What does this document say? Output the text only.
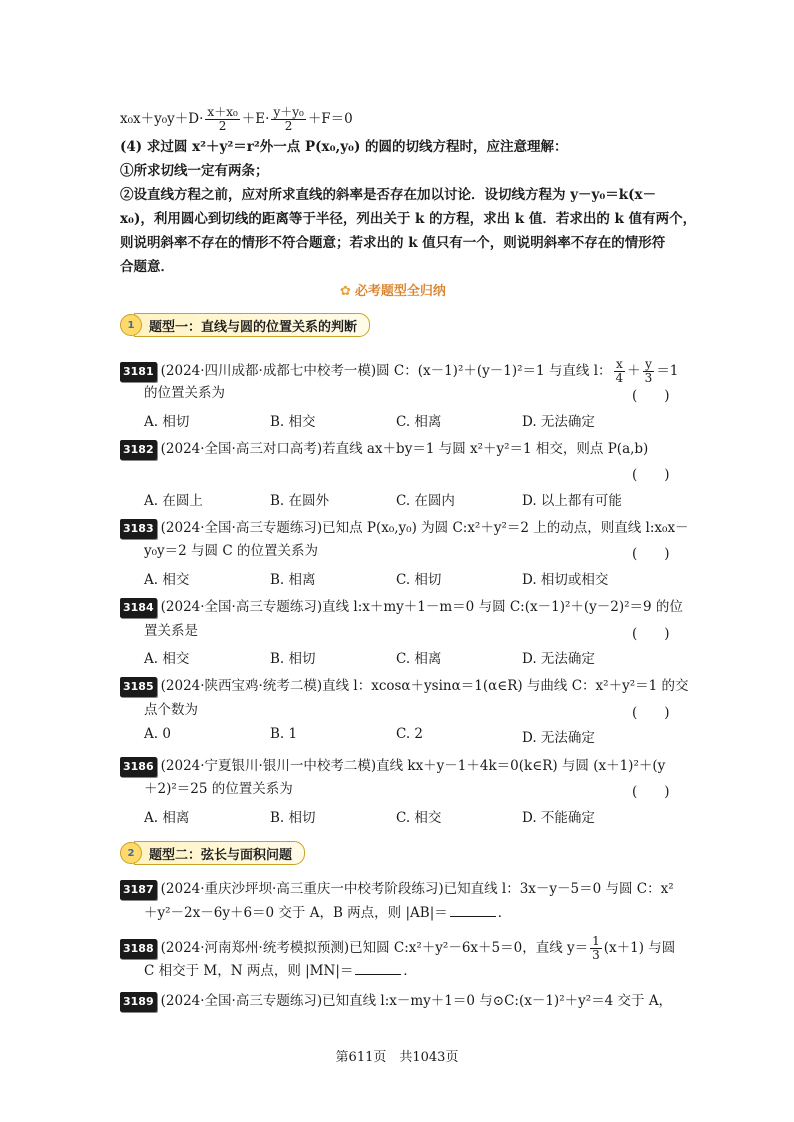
$x_0x+y_0y+D\cdot \frac{\text{x＋x₀}}{2} +E\cdot \frac{\text{y＋y₀}}{2} +F=0$
(4) 求过圆 x²＋y²＝r²外一点 P(x₀,y₀) 的圆的切线方程时，应注意理解：
①所求切线一定有两条；
②设直线方程之前，应对所求直线的斜率是否存在加以讨论．设切线方程为 y－y₀＝k(x－
x₀)，利用圆心到切线的距离等于半径，列出关于 k 的方程，求出 k 值．若求出的 k 值有两个，
则说明斜率不存在的情形不符合题意；若求出的 k 值只有一个，则说明斜率不存在的情形符
合题意．
✿ 必考题型全归纳
1	题型一：直线与圆的位置关系的判断
3181 (2024·四川成都·成都七中校考一模)圆 C：(x－1)²＋(y－1)²＝1 与直线 l： $\frac{x}{4} + \frac{y}{3} =1$
的位置关系为	(　　)
A. 相切	B. 相交	C. 相离	D. 无法确定
3182 (2024·全国·高三对口高考)若直线 ax＋by＝1 与圆 x²＋y²＝1 相交，则点 P(a,b)
(　　)
A. 在圆上	B. 在圆外	C. 在圆内	D. 以上都有可能
3183 (2024·全国·高三专题练习)已知点 P(x₀,y₀) 为圆 C:x²＋y²＝2 上的动点，则直线 l:x₀x－
y₀y＝2 与圆 C 的位置关系为	(　　)
A. 相交	B. 相离	C. 相切	D. 相切或相交
3184 (2024·全国·高三专题练习)直线 l:x＋my＋1－m＝0 与圆 C:(x－1)²＋(y－2)²＝9 的位
置关系是	(　　)
A. 相交	B. 相切	C. 相离	D. 无法确定
3185 (2024·陕西宝鸡·统考二模)直线 l：xcosα＋ysinα＝1(α∈R) 与曲线 C：x²＋y²＝1 的交
点个数为	(　　)
A. 0	B. 1	C. 2	D. 无法确定
3186 (2024·宁夏银川·银川一中校考二模)直线 kx＋y－1＋4k＝0(k∈R) 与圆 (x＋1)²＋(y
＋2)²＝25 的位置关系为	(　　)
A. 相离	B. 相切	C. 相交	D. 不能确定
2	题型二：弦长与面积问题
3187 (2024·重庆沙坪坝·高三重庆一中校考阶段练习)已知直线 l：3x－y－5＝0 与圆 C：x²
＋y²－2x－6y＋6＝0 交于 A，B 两点，则 |AB|＝	．
3188 (2024·河南郑州·统考模拟预测)已知圆 C:x²＋y²－6x＋5＝0，直线 $y= \frac{1}{3} (x+1)$ 与圆
C 相交于 M，N 两点，则 |MN|＝	．
3189 (2024·全国·高三专题练习)已知直线 l:x－my＋1＝0 与⊙C:(x－1)²＋y²＝4 交于 A，
第611页　共1043页
